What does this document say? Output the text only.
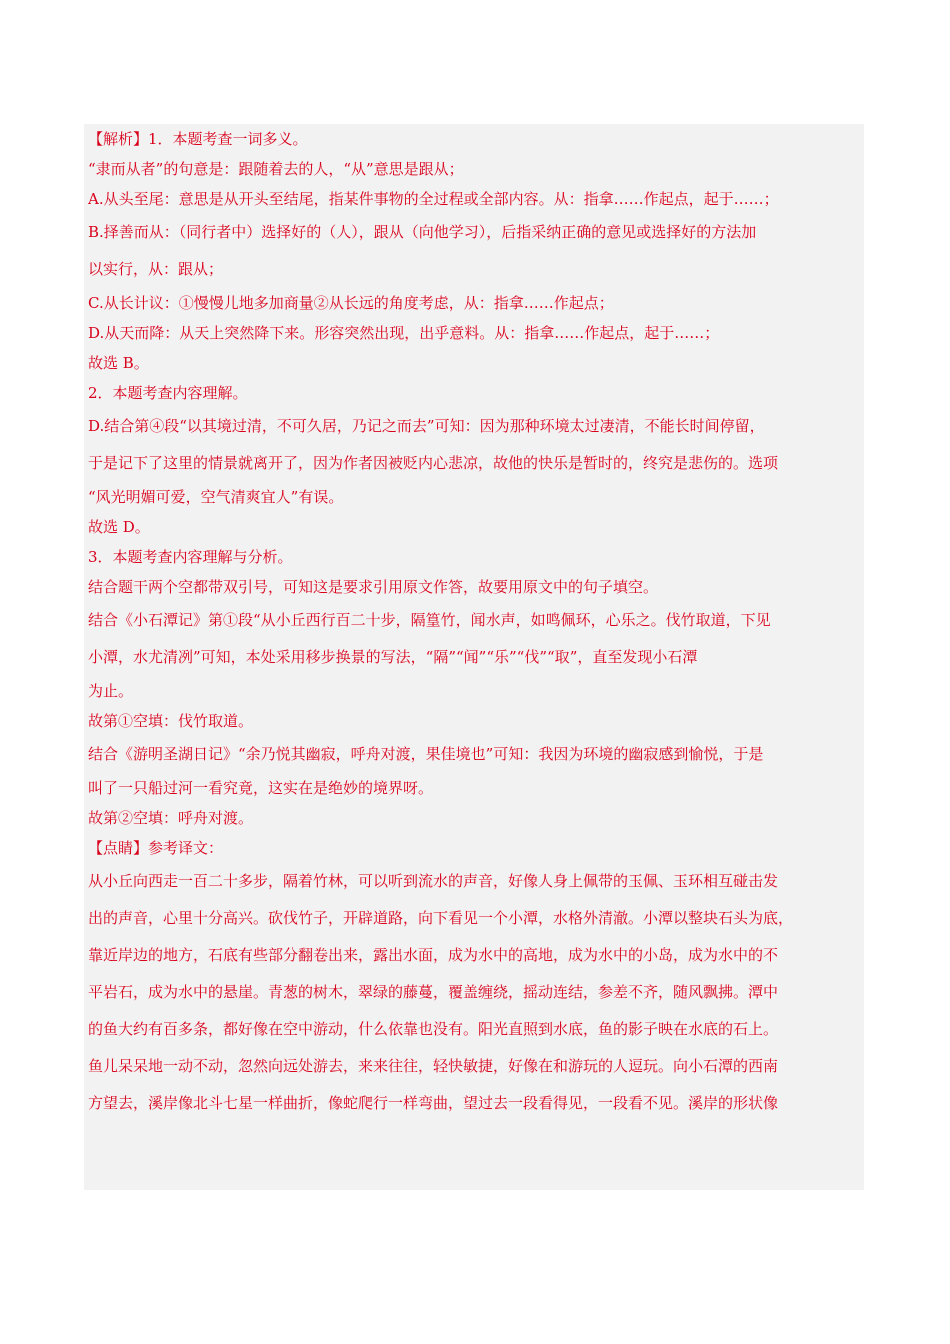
【解析】1．本题考查一词多义。

“隶而从者”的句意是：跟随着去的人，“从”意思是跟从；

A.从头至尾：意思是从开头至结尾，指某件事物的全过程或全部内容。从：指拿……作起点，起于……；

B.择善而从：（同行者中）选择好的（人），跟从（向他学习），后指采纳正确的意见或选择好的方法加

以实行，从：跟从；

C.从长计议：①慢慢儿地多加商量②从长远的角度考虑，从：指拿……作起点；

D.从天而降：从天上突然降下来。形容突然出现，出乎意料。从：指拿……作起点，起于……；

故选 B。

2．本题考查内容理解。

D.结合第④段“以其境过清，不可久居，乃记之而去”可知：因为那种环境太过凄清，不能长时间停留，

于是记下了这里的情景就离开了，因为作者因被贬内心悲凉，故他的快乐是暂时的，终究是悲伤的。选项

“风光明媚可爱，空气清爽宜人”有误。

故选 D。

3．本题考查内容理解与分析。

结合题干两个空都带双引号，可知这是要求引用原文作答，故要用原文中的句子填空。

结合《小石潭记》第①段“从小丘西行百二十步，隔篁竹，闻水声，如鸣佩环，心乐之。伐竹取道，下见

小潭，水尤清冽”可知，本处采用移步换景的写法，“隔”“闻”“乐”“伐”“取”，直至发现小石潭

为止。

故第①空填：伐竹取道。

结合《游明圣湖日记》“余乃悦其幽寂，呼舟对渡，果佳境也”可知：我因为环境的幽寂感到愉悦，于是

叫了一只船过河一看究竟，这实在是绝妙的境界呀。

故第②空填：呼舟对渡。

【点睛】参考译文：

从小丘向西走一百二十多步，隔着竹林，可以听到流水的声音，好像人身上佩带的玉佩、玉环相互碰击发

出的声音，心里十分高兴。砍伐竹子，开辟道路，向下看见一个小潭，水格外清澈。小潭以整块石头为底，

靠近岸边的地方，石底有些部分翻卷出来，露出水面，成为水中的高地，成为水中的小岛，成为水中的不

平岩石，成为水中的悬崖。青葱的树木，翠绿的藤蔓，覆盖缠绕，摇动连结，参差不齐，随风飘拂。潭中

的鱼大约有百多条，都好像在空中游动，什么依靠也没有。阳光直照到水底，鱼的影子映在水底的石上。

鱼儿呆呆地一动不动，忽然向远处游去，来来往往，轻快敏捷，好像在和游玩的人逗玩。向小石潭的西南

方望去，溪岸像北斗七星一样曲折，像蛇爬行一样弯曲，望过去一段看得见，一段看不见。溪岸的形状像
